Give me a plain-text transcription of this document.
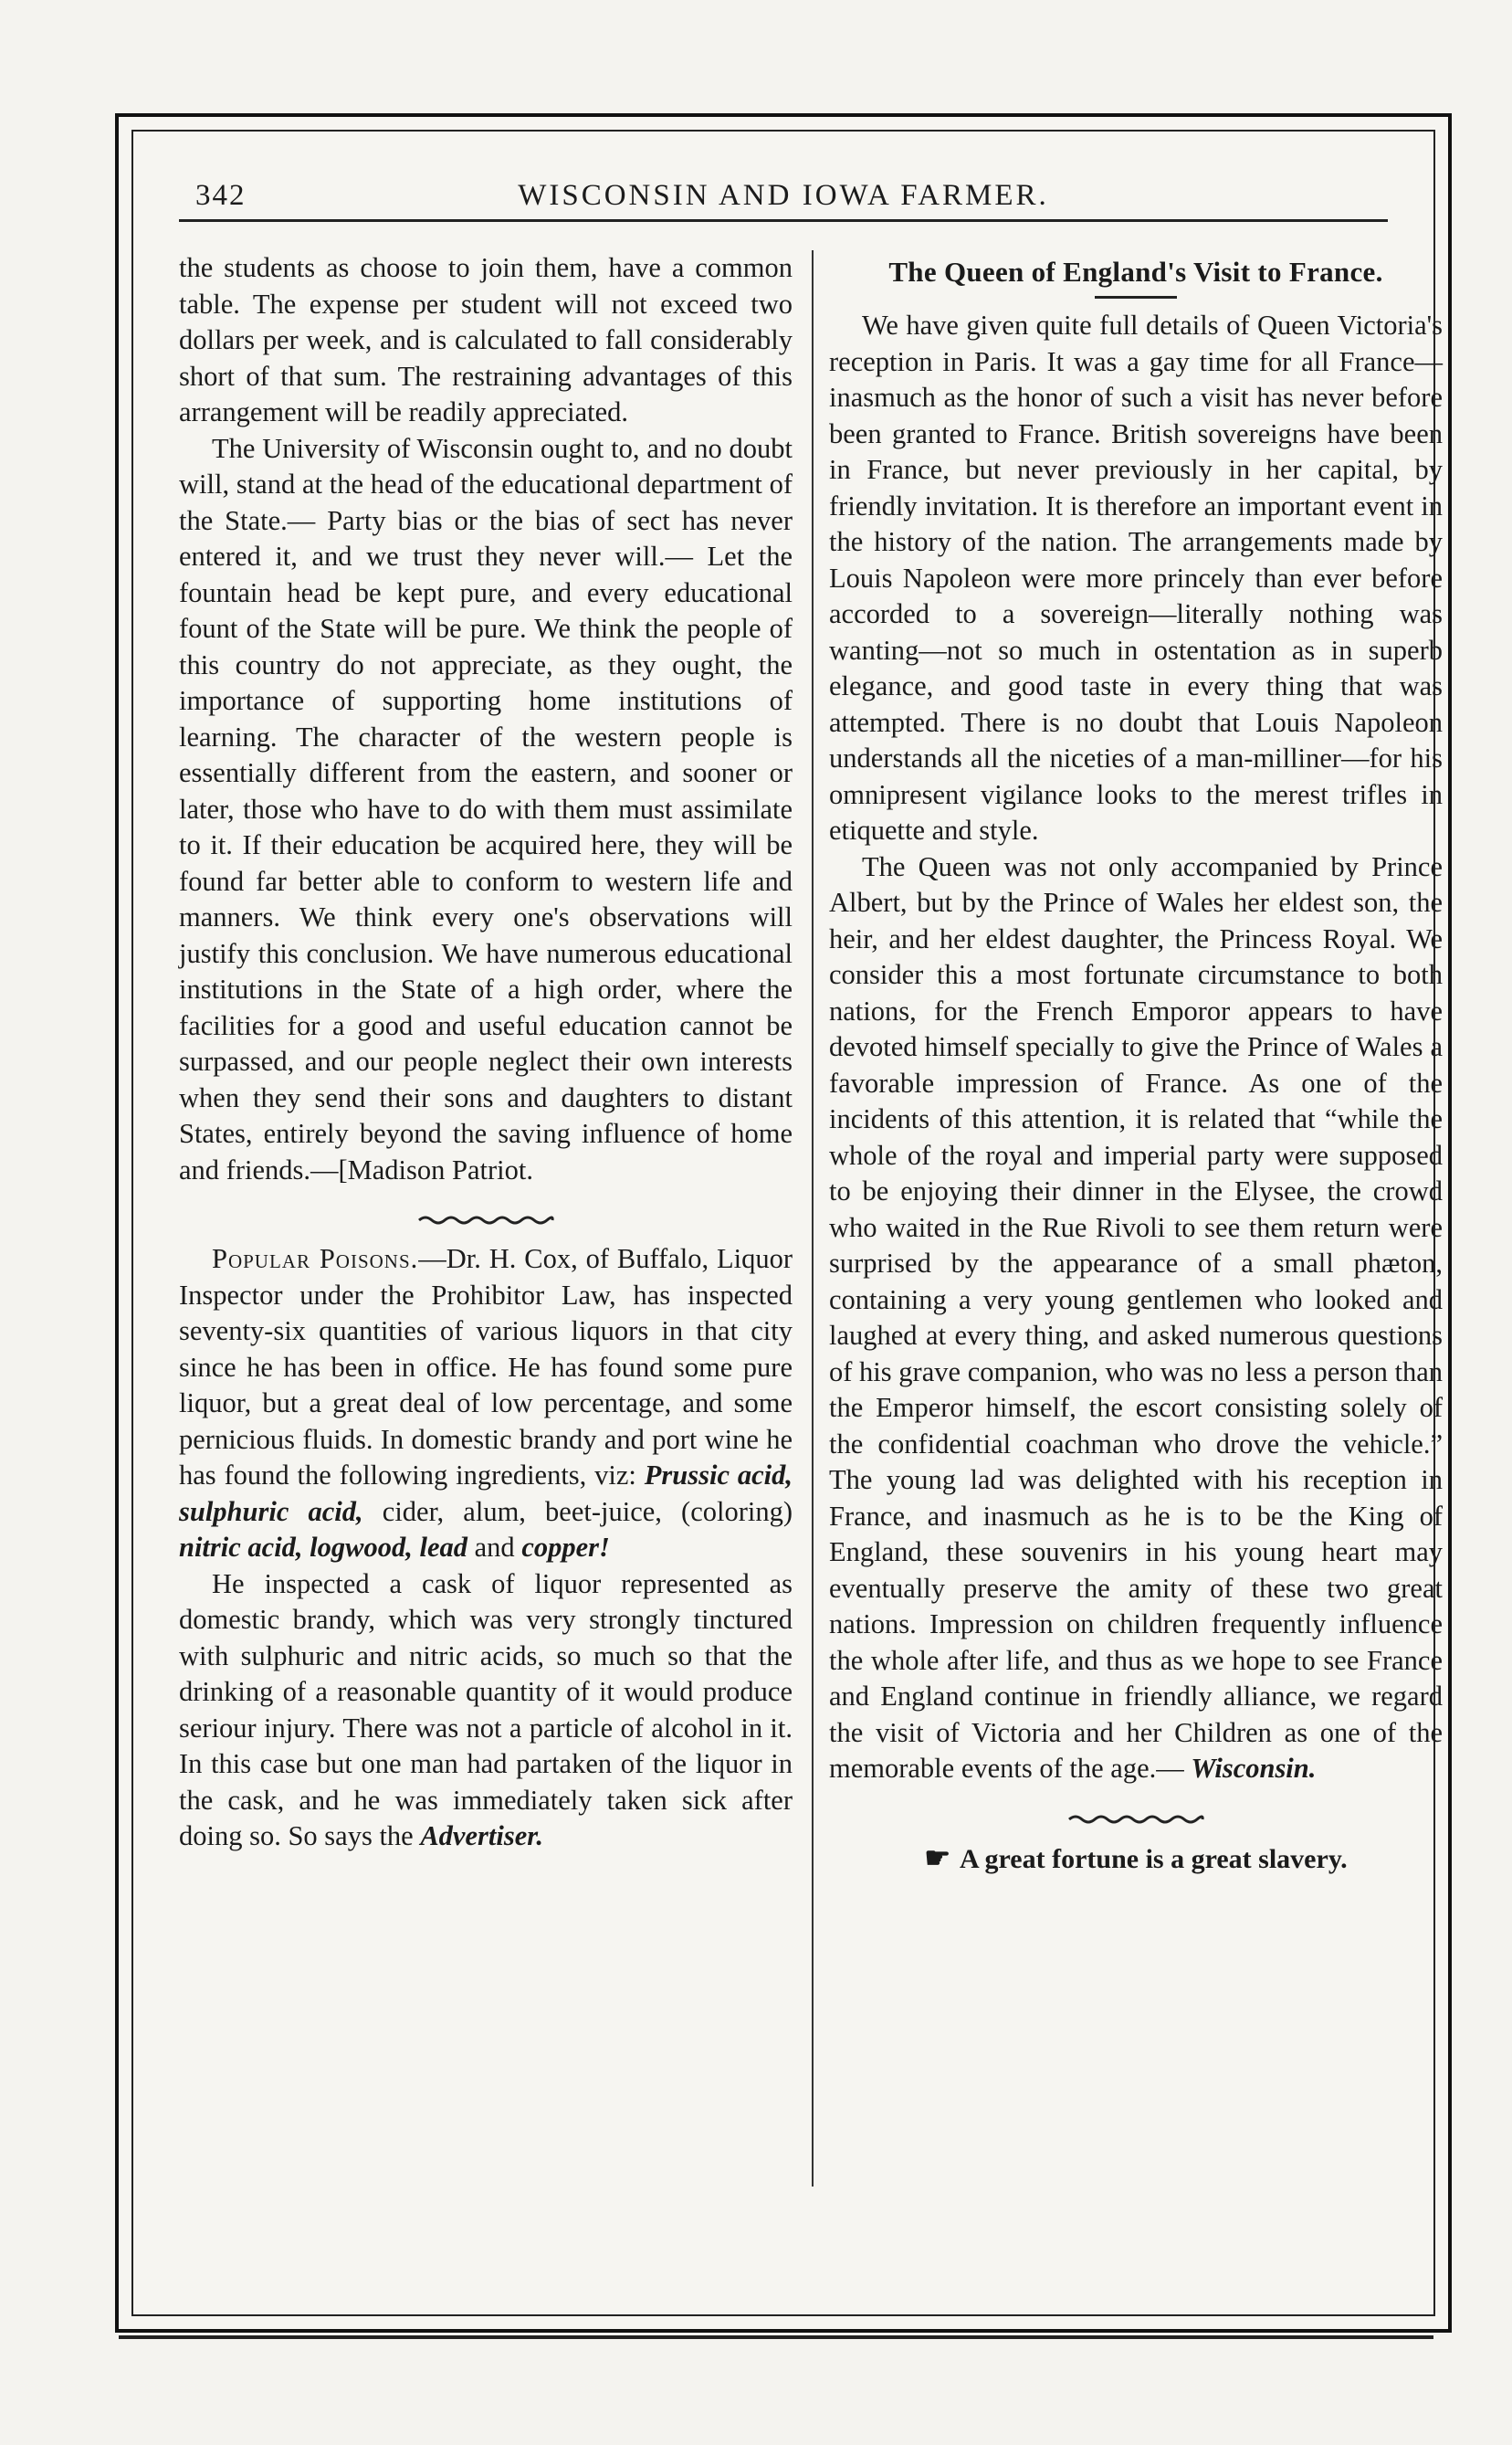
342	WISCONSIN AND IOWA FARMER.

the students as choose to join them, have a common table. The expense per student will not exceed two dollars per week, and is calculated to fall considerably short of that sum. The restraining advantages of this arrangement will be readily appreciated.

The University of Wisconsin ought to, and no doubt will, stand at the head of the educational department of the State.— Party bias or the bias of sect has never entered it, and we trust they never will.— Let the fountain head be kept pure, and every educational fount of the State will be pure. We think the people of this country do not appreciate, as they ought, the importance of supporting home institutions of learning. The character of the western people is essentially different from the eastern, and sooner or later, those who have to do with them must assimilate to it. If their education be acquired here, they will be found far better able to conform to western life and manners. We think every one's observations will justify this conclusion. We have numerous educational institutions in the State of a high order, where the facilities for a good and useful education cannot be surpassed, and our people neglect their own interests when they send their sons and daughters to distant States, entirely beyond the saving influence of home and friends.—[Madison Patriot.

Popular Poisons.—Dr. H. Cox, of Buffalo, Liquor Inspector under the Prohibitor Law, has inspected seventy-six quantities of various liquors in that city since he has been in office. He has found some pure liquor, but a great deal of low percentage, and some pernicious fluids. In domestic brandy and port wine he has found the following ingredients, viz: Prussic acid, sulphuric acid, cider, alum, beet-juice, (coloring) nitric acid, logwood, lead and copper!

He inspected a cask of liquor represented as domestic brandy, which was very strongly tinctured with sulphuric and nitric acids, so much so that the drinking of a reasonable quantity of it would produce seriour injury. There was not a particle of alcohol in it. In this case but one man had partaken of the liquor in the cask, and he was immediately taken sick after doing so. So says the Advertiser.

The Queen of England's Visit to France.

We have given quite full details of Queen Victoria's reception in Paris. It was a gay time for all France—inasmuch as the honor of such a visit has never before been granted to France. British sovereigns have been in France, but never previously in her capital, by friendly invitation. It is therefore an important event in the history of the nation. The arrangements made by Louis Napoleon were more princely than ever before accorded to a sovereign—literally nothing was wanting—not so much in ostentation as in superb elegance, and good taste in every thing that was attempted. There is no doubt that Louis Napoleon understands all the niceties of a man-milliner—for his omnipresent vigilance looks to the merest trifles in etiquette and style.

The Queen was not only accompanied by Prince Albert, but by the Prince of Wales her eldest son, the heir, and her eldest daughter, the Princess Royal. We consider this a most fortunate circumstance to both nations, for the French Emporor appears to have devoted himself specially to give the Prince of Wales a favorable impression of France. As one of the incidents of this attention, it is related that “while the whole of the royal and imperial party were supposed to be enjoying their dinner in the Elysee, the crowd who waited in the Rue Rivoli to see them return were surprised by the appearance of a small phæton, containing a very young gentlemen who looked and laughed at every thing, and asked numerous questions of his grave companion, who was no less a person than the Emperor himself, the escort consisting solely of the confidential coachman who drove the vehicle.” The young lad was delighted with his reception in France, and inasmuch as he is to be the King of England, these souvenirs in his young heart may eventually preserve the amity of these two great nations. Impression on children frequently influence the whole after life, and thus as we hope to see France and England continue in friendly alliance, we regard the visit of Victoria and her Children as one of the memorable events of the age.— Wisconsin.

☛ A great fortune is a great slavery.
